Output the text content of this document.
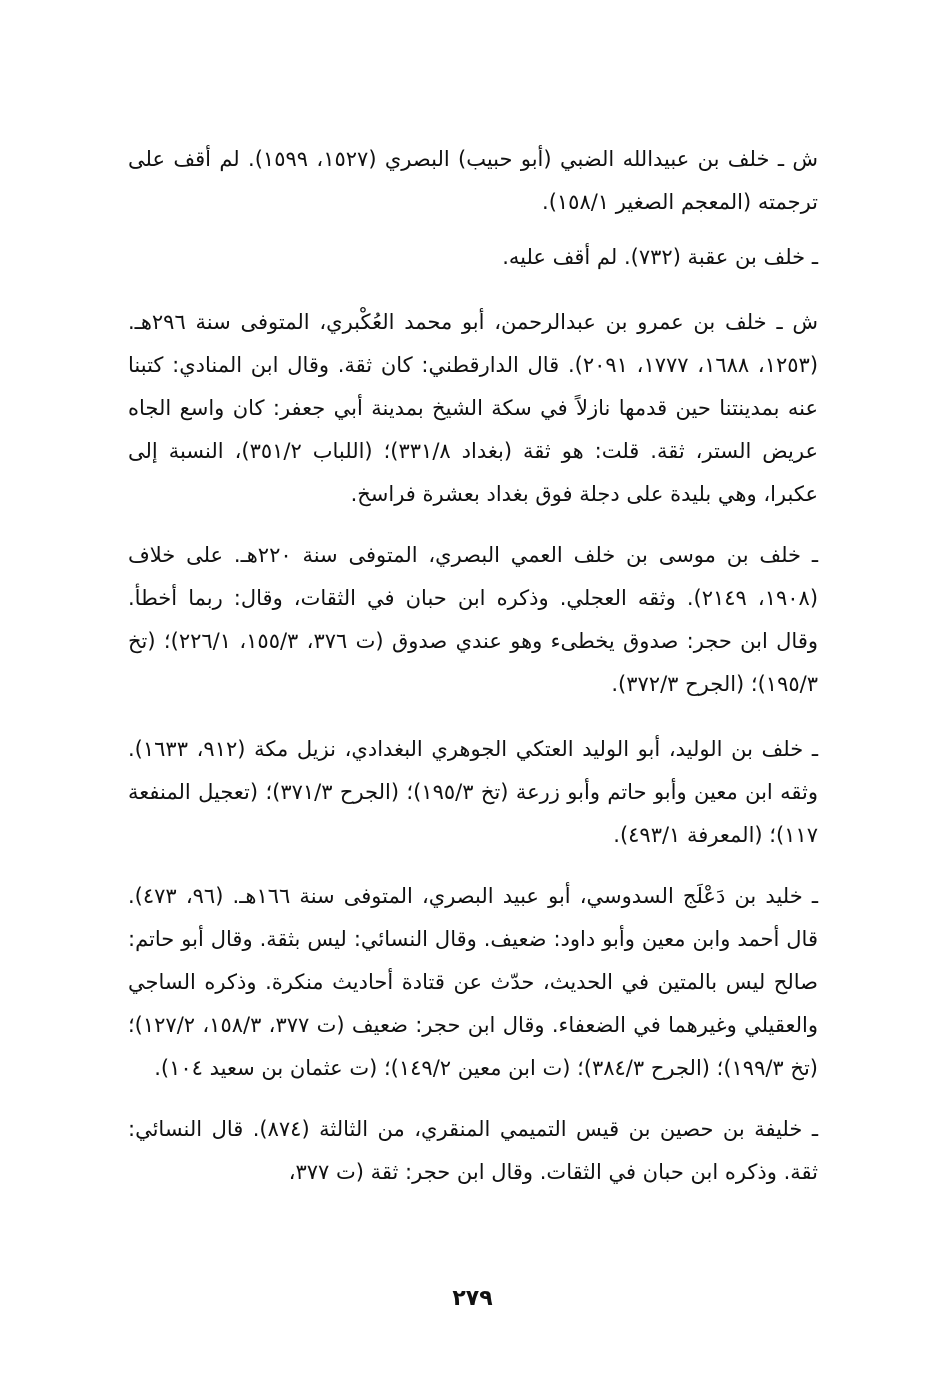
ش ـ خلف بن عبيدالله الضبي (أبو حبيب) البصري (١٥٢٧، ١٥٩٩). لم أقف على ترجمته (المعجم الصغير ١٥٨/١).

ـ خلف بن عقبة (٧٣٢). لم أقف عليه.

ش ـ خلف بن عمرو بن عبدالرحمن، أبو محمد العُكْبري، المتوفى سنة ٢٩٦هـ. (١٢٥٣، ١٦٨٨، ١٧٧٧، ٢٠٩١). قال الدارقطني: كان ثقة. وقال ابن المنادي: كتبنا عنه بمدينتنا حين قدمها نازلاً في سكة الشيخ بمدينة أبي جعفر: كان واسع الجاه عريض الستر، ثقة. قلت: هو ثقة (بغداد ٣٣١/٨)؛ (اللباب ٣٥١/٢)، النسبة إلى عكبرا، وهي بليدة على دجلة فوق بغداد بعشرة فراسخ.

ـ خلف بن موسى بن خلف العمي البصري، المتوفى سنة ٢٢٠هـ. على خلاف (١٩٠٨، ٢١٤٩). وثقه العجلي. وذكره ابن حبان في الثقات، وقال: ربما أخطأ. وقال ابن حجر: صدوق يخطىء وهو عندي صدوق (ت ٣٧٦، ١٥٥/٣، ٢٢٦/١)؛ (تخ ١٩٥/٣)؛ (الجرح ٣٧٢/٣).

ـ خلف بن الوليد، أبو الوليد العتكي الجوهري البغدادي، نزيل مكة (٩١٢، ١٦٣٣). وثقه ابن معين وأبو حاتم وأبو زرعة (تخ ١٩٥/٣)؛ (الجرح ٣٧١/٣)؛ (تعجيل المنفعة ١١٧)؛ (المعرفة ٤٩٣/١).

ـ خليد بن دَعْلَج السدوسي، أبو عبيد البصري، المتوفى سنة ١٦٦هـ. (٩٦، ٤٧٣). قال أحمد وابن معين وأبو داود: ضعيف. وقال النسائي: ليس بثقة. وقال أبو حاتم: صالح ليس بالمتين في الحديث، حدّث عن قتادة أحاديث منكرة. وذكره الساجي والعقيلي وغيرهما في الضعفاء. وقال ابن حجر: ضعيف (ت ٣٧٧، ١٥٨/٣، ١٢٧/٢)؛ (تخ ١٩٩/٣)؛ (الجرح ٣٨٤/٣)؛ (ت ابن معين ١٤٩/٢)؛ (ت عثمان بن سعيد ١٠٤).

ـ خليفة بن حصين بن قيس التميمي المنقري، من الثالثة (٨٧٤). قال النسائي: ثقة. وذكره ابن حبان في الثقات. وقال ابن حجر: ثقة (ت ٣٧٧،

٢٧٩
